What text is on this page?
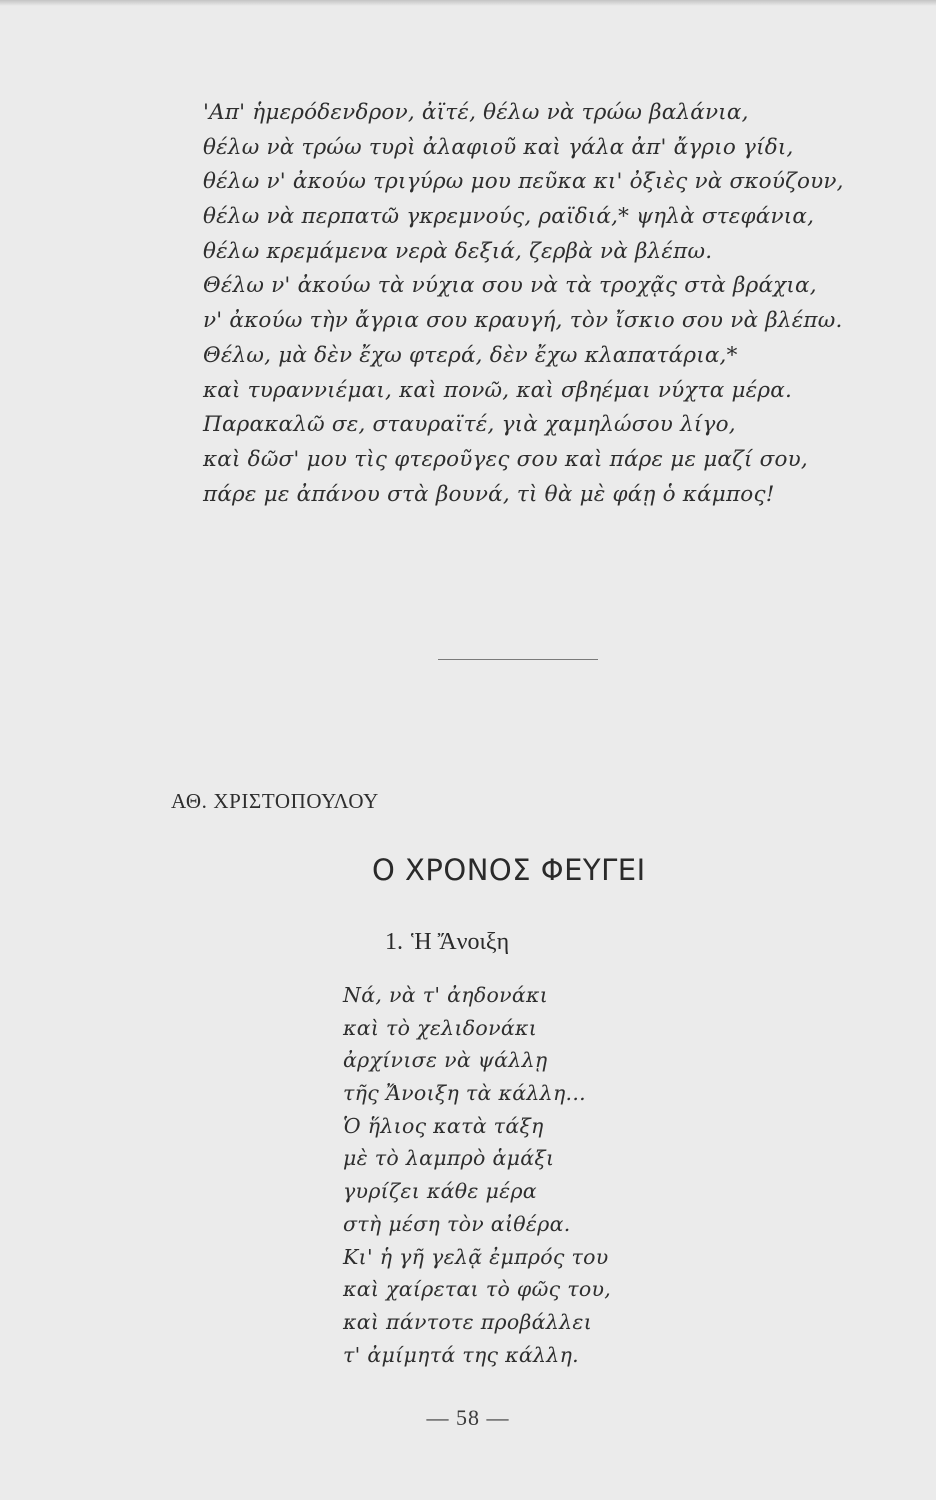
'Απ' ἡμερόδενδρον, ἀϊτέ, θέλω νὰ τρώω βαλάνια,
θέλω νὰ τρώω τυρὶ ἀλαφιοῦ καὶ γάλα ἀπ' ἄγριο γίδι,
θέλω ν' ἀκούω τριγύρω μου πεῦκα κι' ὀξιὲς νὰ σκούζουν,
θέλω νὰ περπατῶ γκρεμνούς, ραϊδιά,* ψηλὰ στεφάνια,
θέλω κρεμάμενα νερὰ δεξιά, ζερβὰ νὰ βλέπω.
Θέλω ν' ἀκούω τὰ νύχια σου νὰ τὰ τροχᾷς στὰ βράχια,
ν' ἀκούω τὴν ἄγρια σου κραυγή, τὸν ἴσκιο σου νὰ βλέπω.
Θέλω, μὰ δὲν ἔχω φτερά, δὲν ἔχω κλαπατάρια,*
καὶ τυραννιέμαι, καὶ πονῶ, καὶ σβηέμαι νύχτα μέρα.
Παρακαλῶ σε, σταυραϊτέ, γιὰ χαμηλώσου λίγο,
καὶ δῶσ' μου τὶς φτεροῦγες σου καὶ πάρε με μαζί σου,
πάρε με ἀπάνου στὰ βουνά, τὶ θὰ μὲ φάῃ ὁ κάμπος!
ΑΘ. ΧΡΙΣΤΟΠΟΥΛΟΥ
Ο ΧΡΟΝΟΣ ΦΕΥΓΕΙ
1. Ἡ Ἄνοιξη
Νά, νὰ τ' ἀηδονάκι
καὶ τὸ χελιδονάκι
ἀρχίνισε νὰ ψάλλῃ
τῆς Ἄνοιξη τὰ κάλλη...
Ὁ ἥλιος κατὰ τάξη
μὲ τὸ λαμπρὸ ἁμάξι
γυρίζει κάθε μέρα
στὴ μέση τὸν αἰθέρα.
Κι' ἡ γῆ γελᾷ ἐμπρός του
καὶ χαίρεται τὸ φῶς του,
καὶ πάντοτε προβάλλει
τ' ἀμίμητά της κάλλη.
— 58 —
